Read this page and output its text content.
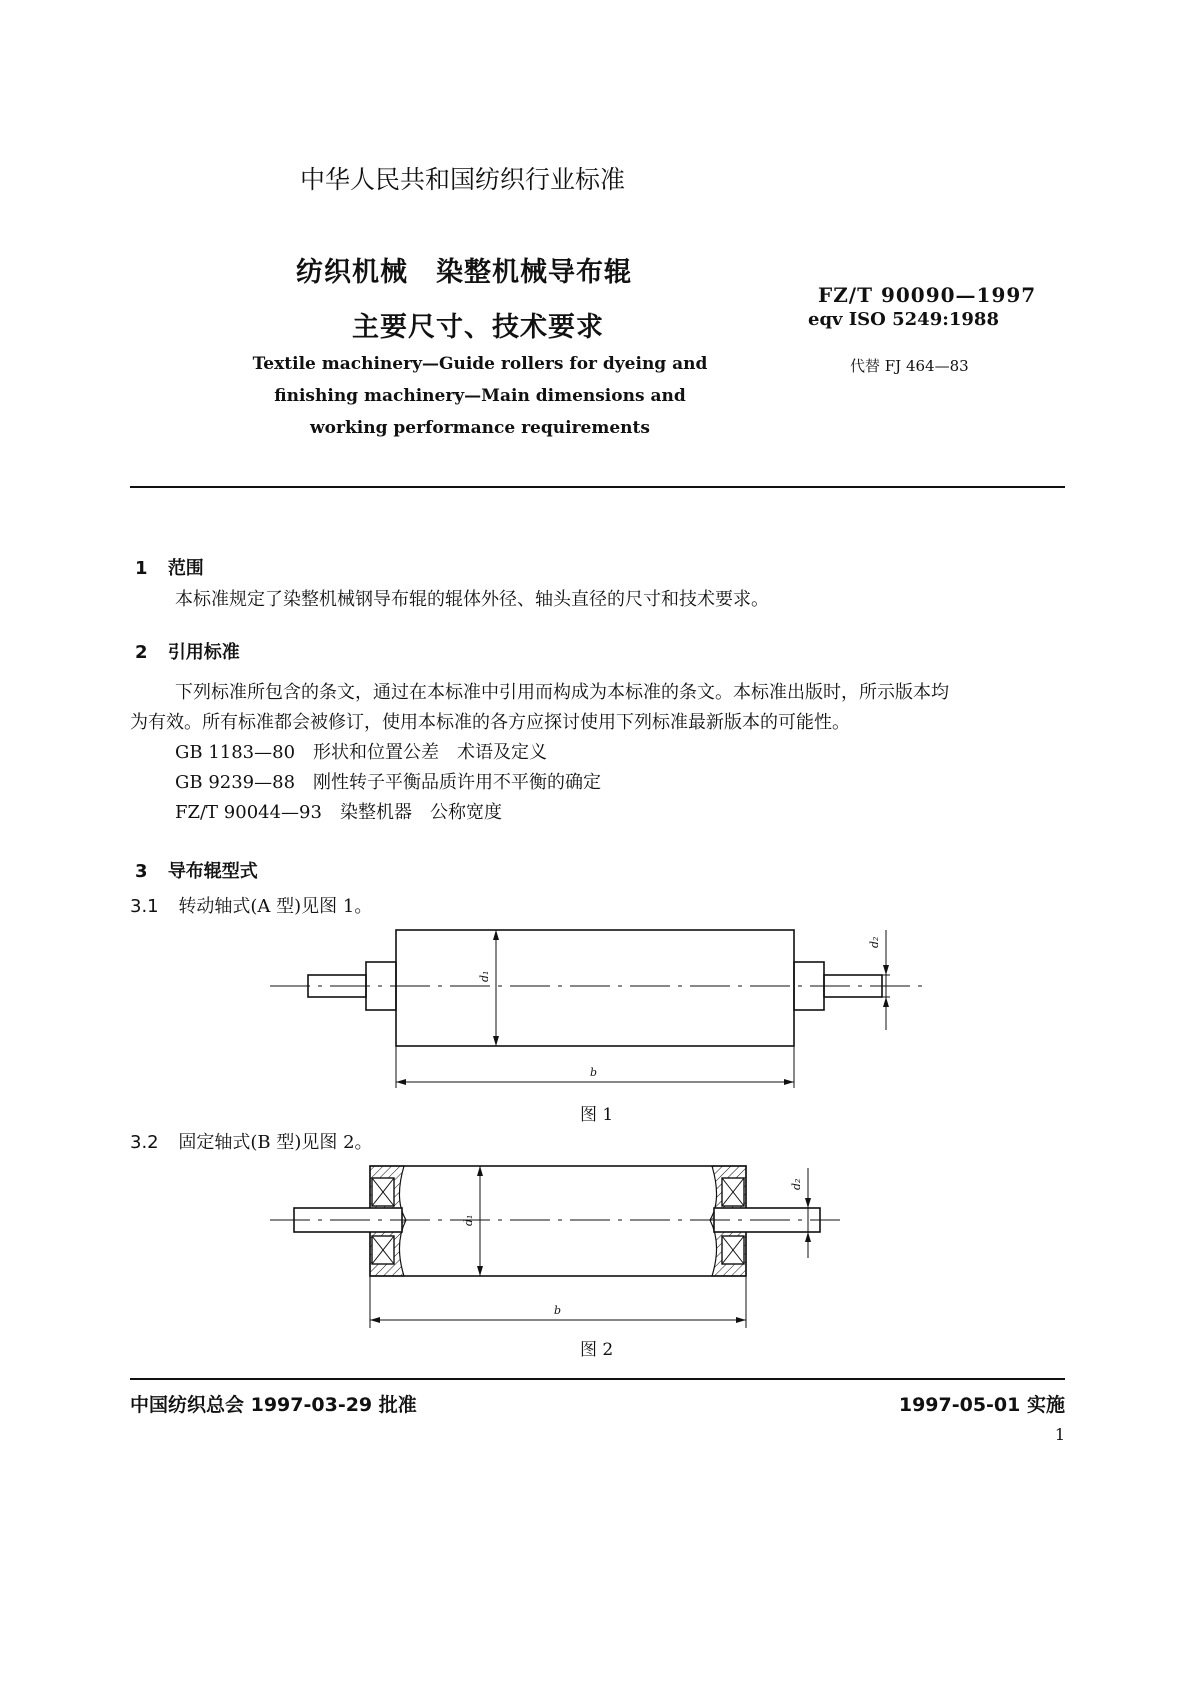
中华人民共和国纺织行业标准
纺织机械　染整机械导布辊
主要尺寸、技术要求
FZ/T 90090—1997
eqv ISO 5249:1988
代替 FJ 464—83
Textile machinery—Guide rollers for dyeing and
finishing machinery—Main dimensions and
working performance requirements
1 范围
本标准规定了染整机械钢导布辊的辊体外径、轴头直径的尺寸和技术要求。
2 引用标准
下列标准所包含的条文，通过在本标准中引用而构成为本标准的条文。本标准出版时，所示版本均
为有效。所有标准都会被修订，使用本标准的各方应探讨使用下列标准最新版本的可能性。
GB 1183—80　形状和位置公差　术语及定义
GB 9239—88　刚性转子平衡品质许用不平衡的确定
FZ/T 90044—93　染整机器　公称宽度
3 导布辊型式
3.1 转动轴式(A 型)见图 1。
d₁
d₂
b
图 1
3.2 固定轴式(B 型)见图 2。
d₁
d₂
b
图 2
中国纺织总会 1997-03-29 批准	1997-05-01 实施
1
